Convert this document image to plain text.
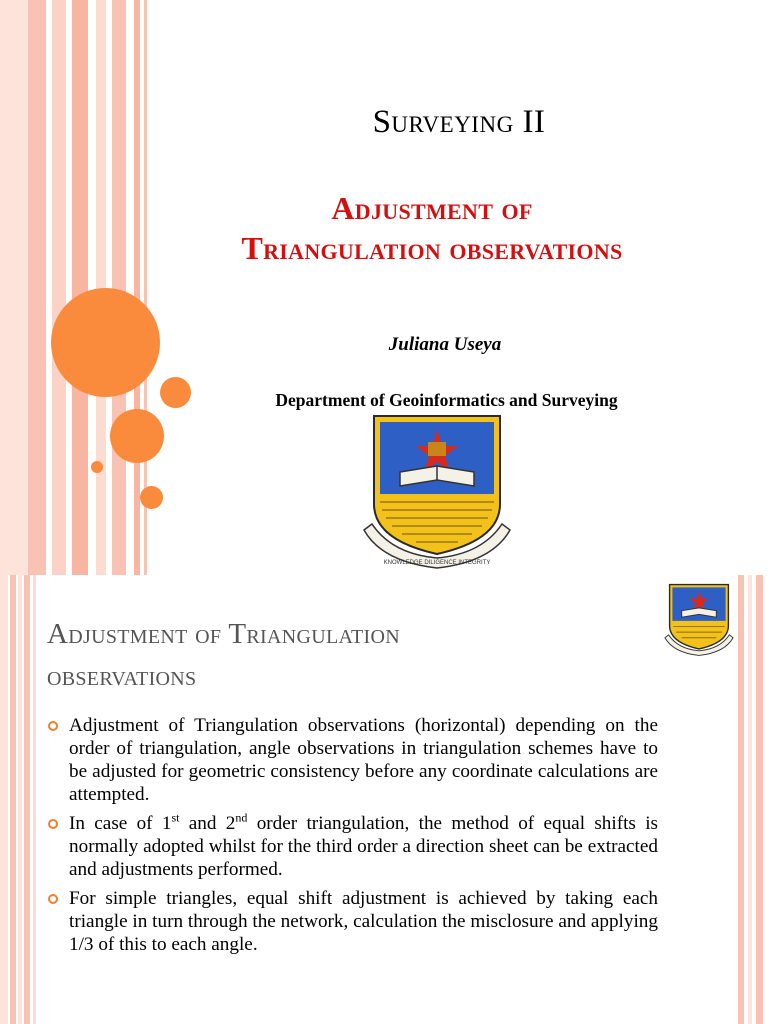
Surveying II
Adjustment of
Triangulation observations
Juliana Useya
Department of Geoinformatics and Surveying
KNOWLEDGE DILIGENCE INTEGRITY
Adjustment of Triangulation
observations
Adjustment of Triangulation observations (horizontal) depending on the order of triangulation, angle observations in triangulation schemes have to be adjusted for geometric consistency before any coordinate calculations are attempted.
In case of 1st and 2nd order triangulation, the method of equal shifts is normally adopted whilst for the third order a direction sheet can be extracted and adjustments performed.
For simple triangles, equal shift adjustment is achieved by taking each triangle in turn through the network, calculation the misclosure and applying 1/3 of this to each angle.
